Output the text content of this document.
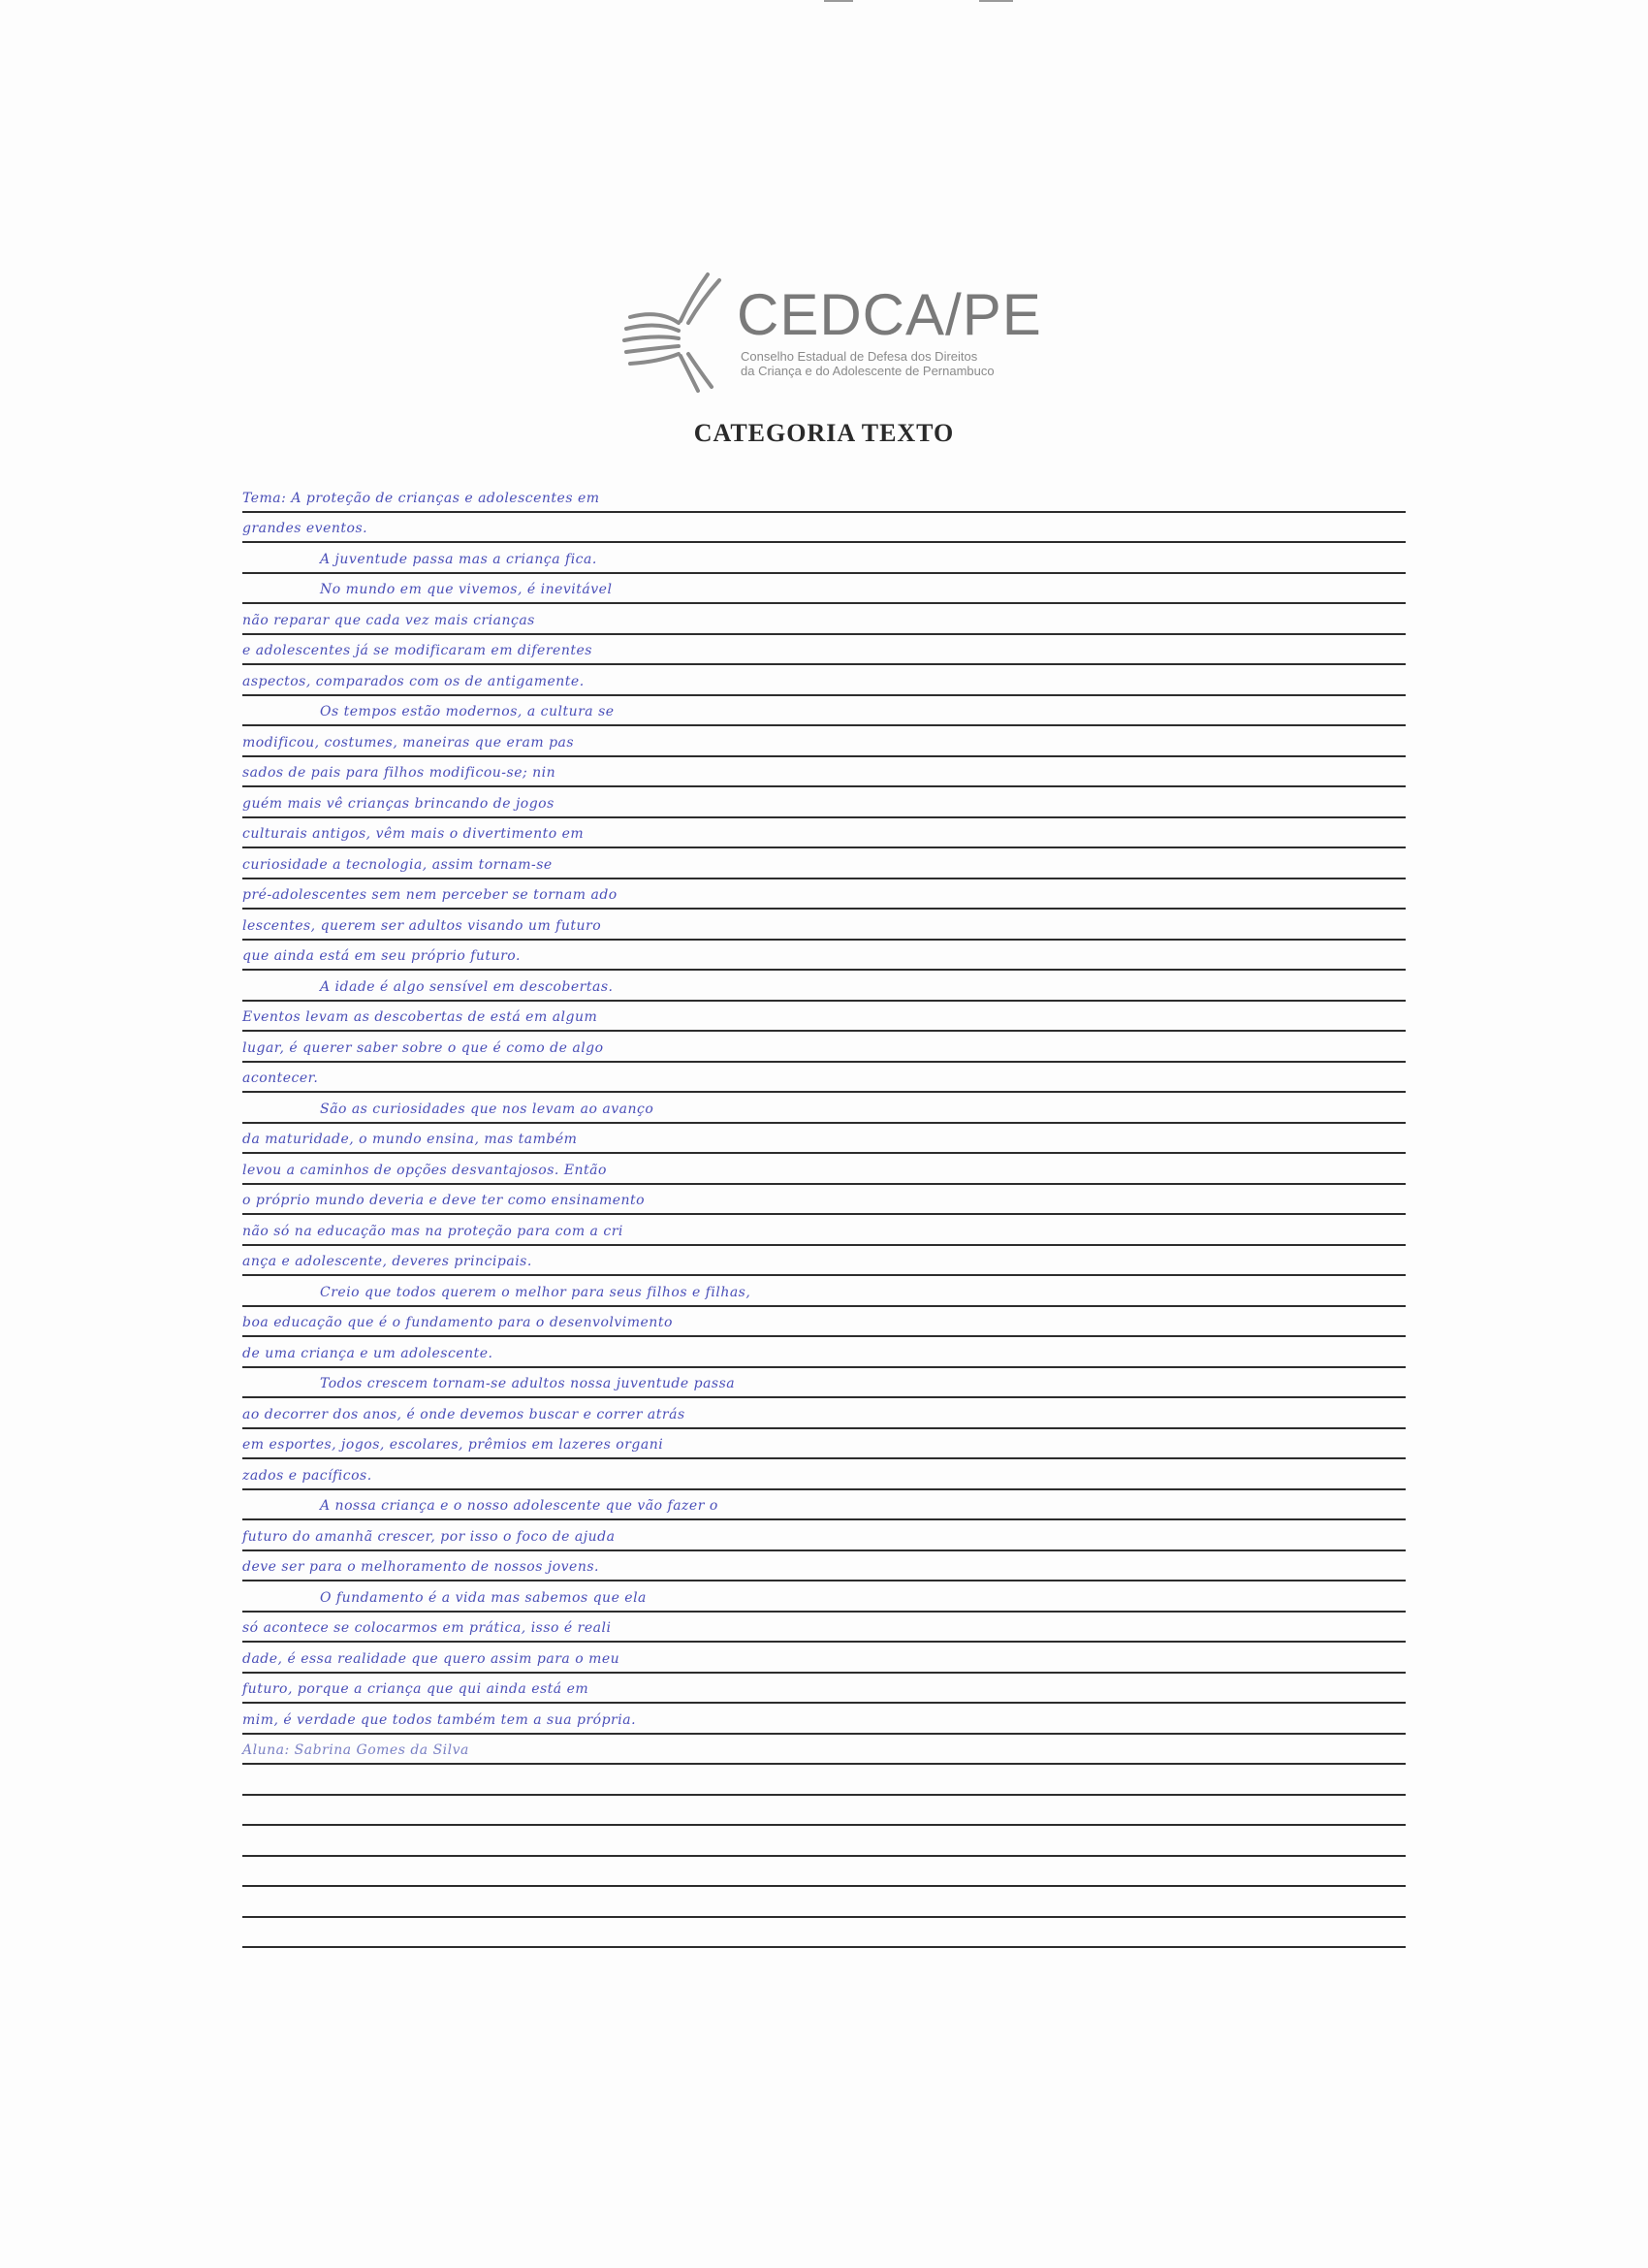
CEDCA/PE
Conselho Estadual de Defesa dos Direitos
da Criança e do Adolescente de Pernambuco
CATEGORIA TEXTO
Tema: A proteção de crianças e adolescentes em
grandes eventos.
A juventude passa mas a criança fica.
No mundo em que vivemos, é inevitável
não reparar que cada vez mais crianças
e adolescentes já se modificaram em diferentes
aspectos, comparados com os de antigamente.
Os tempos estão modernos, a cultura se
modificou, costumes, maneiras que eram pas
sados de pais para filhos modificou-se; nin
guém mais vê crianças brincando de jogos
culturais antigos, vêm mais o divertimento em
curiosidade a tecnologia, assim tornam-se
pré-adolescentes sem nem perceber se tornam ado
lescentes, querem ser adultos visando um futuro
que ainda está em seu próprio futuro.
A idade é algo sensível em descobertas.
Eventos levam as descobertas de está em algum
lugar, é querer saber sobre o que é como de algo
acontecer.
São as curiosidades que nos levam ao avanço
da maturidade, o mundo ensina, mas também
levou a caminhos de opções desvantajosos. Então
o próprio mundo deveria e deve ter como ensinamento
não só na educação mas na proteção para com a cri
ança e adolescente, deveres principais.
Creio que todos querem o melhor para seus filhos e filhas,
boa educação que é o fundamento para o desenvolvimento
de uma criança e um adolescente.
Todos crescem tornam-se adultos nossa juventude passa
ao decorrer dos anos, é onde devemos buscar e correr atrás
em esportes, jogos, escolares, prêmios em lazeres organi
zados e pacíficos.
A nossa criança e o nosso adolescente que vão fazer o
futuro do amanhã crescer, por isso o foco de ajuda
deve ser para o melhoramento de nossos jovens.
O fundamento é a vida mas sabemos que ela
só acontece se colocarmos em prática, isso é reali
dade, é essa realidade que quero assim para o meu
futuro, porque a criança que qui ainda está em
mim, é verdade que todos também tem a sua própria.
Aluna: Sabrina Gomes da Silva
